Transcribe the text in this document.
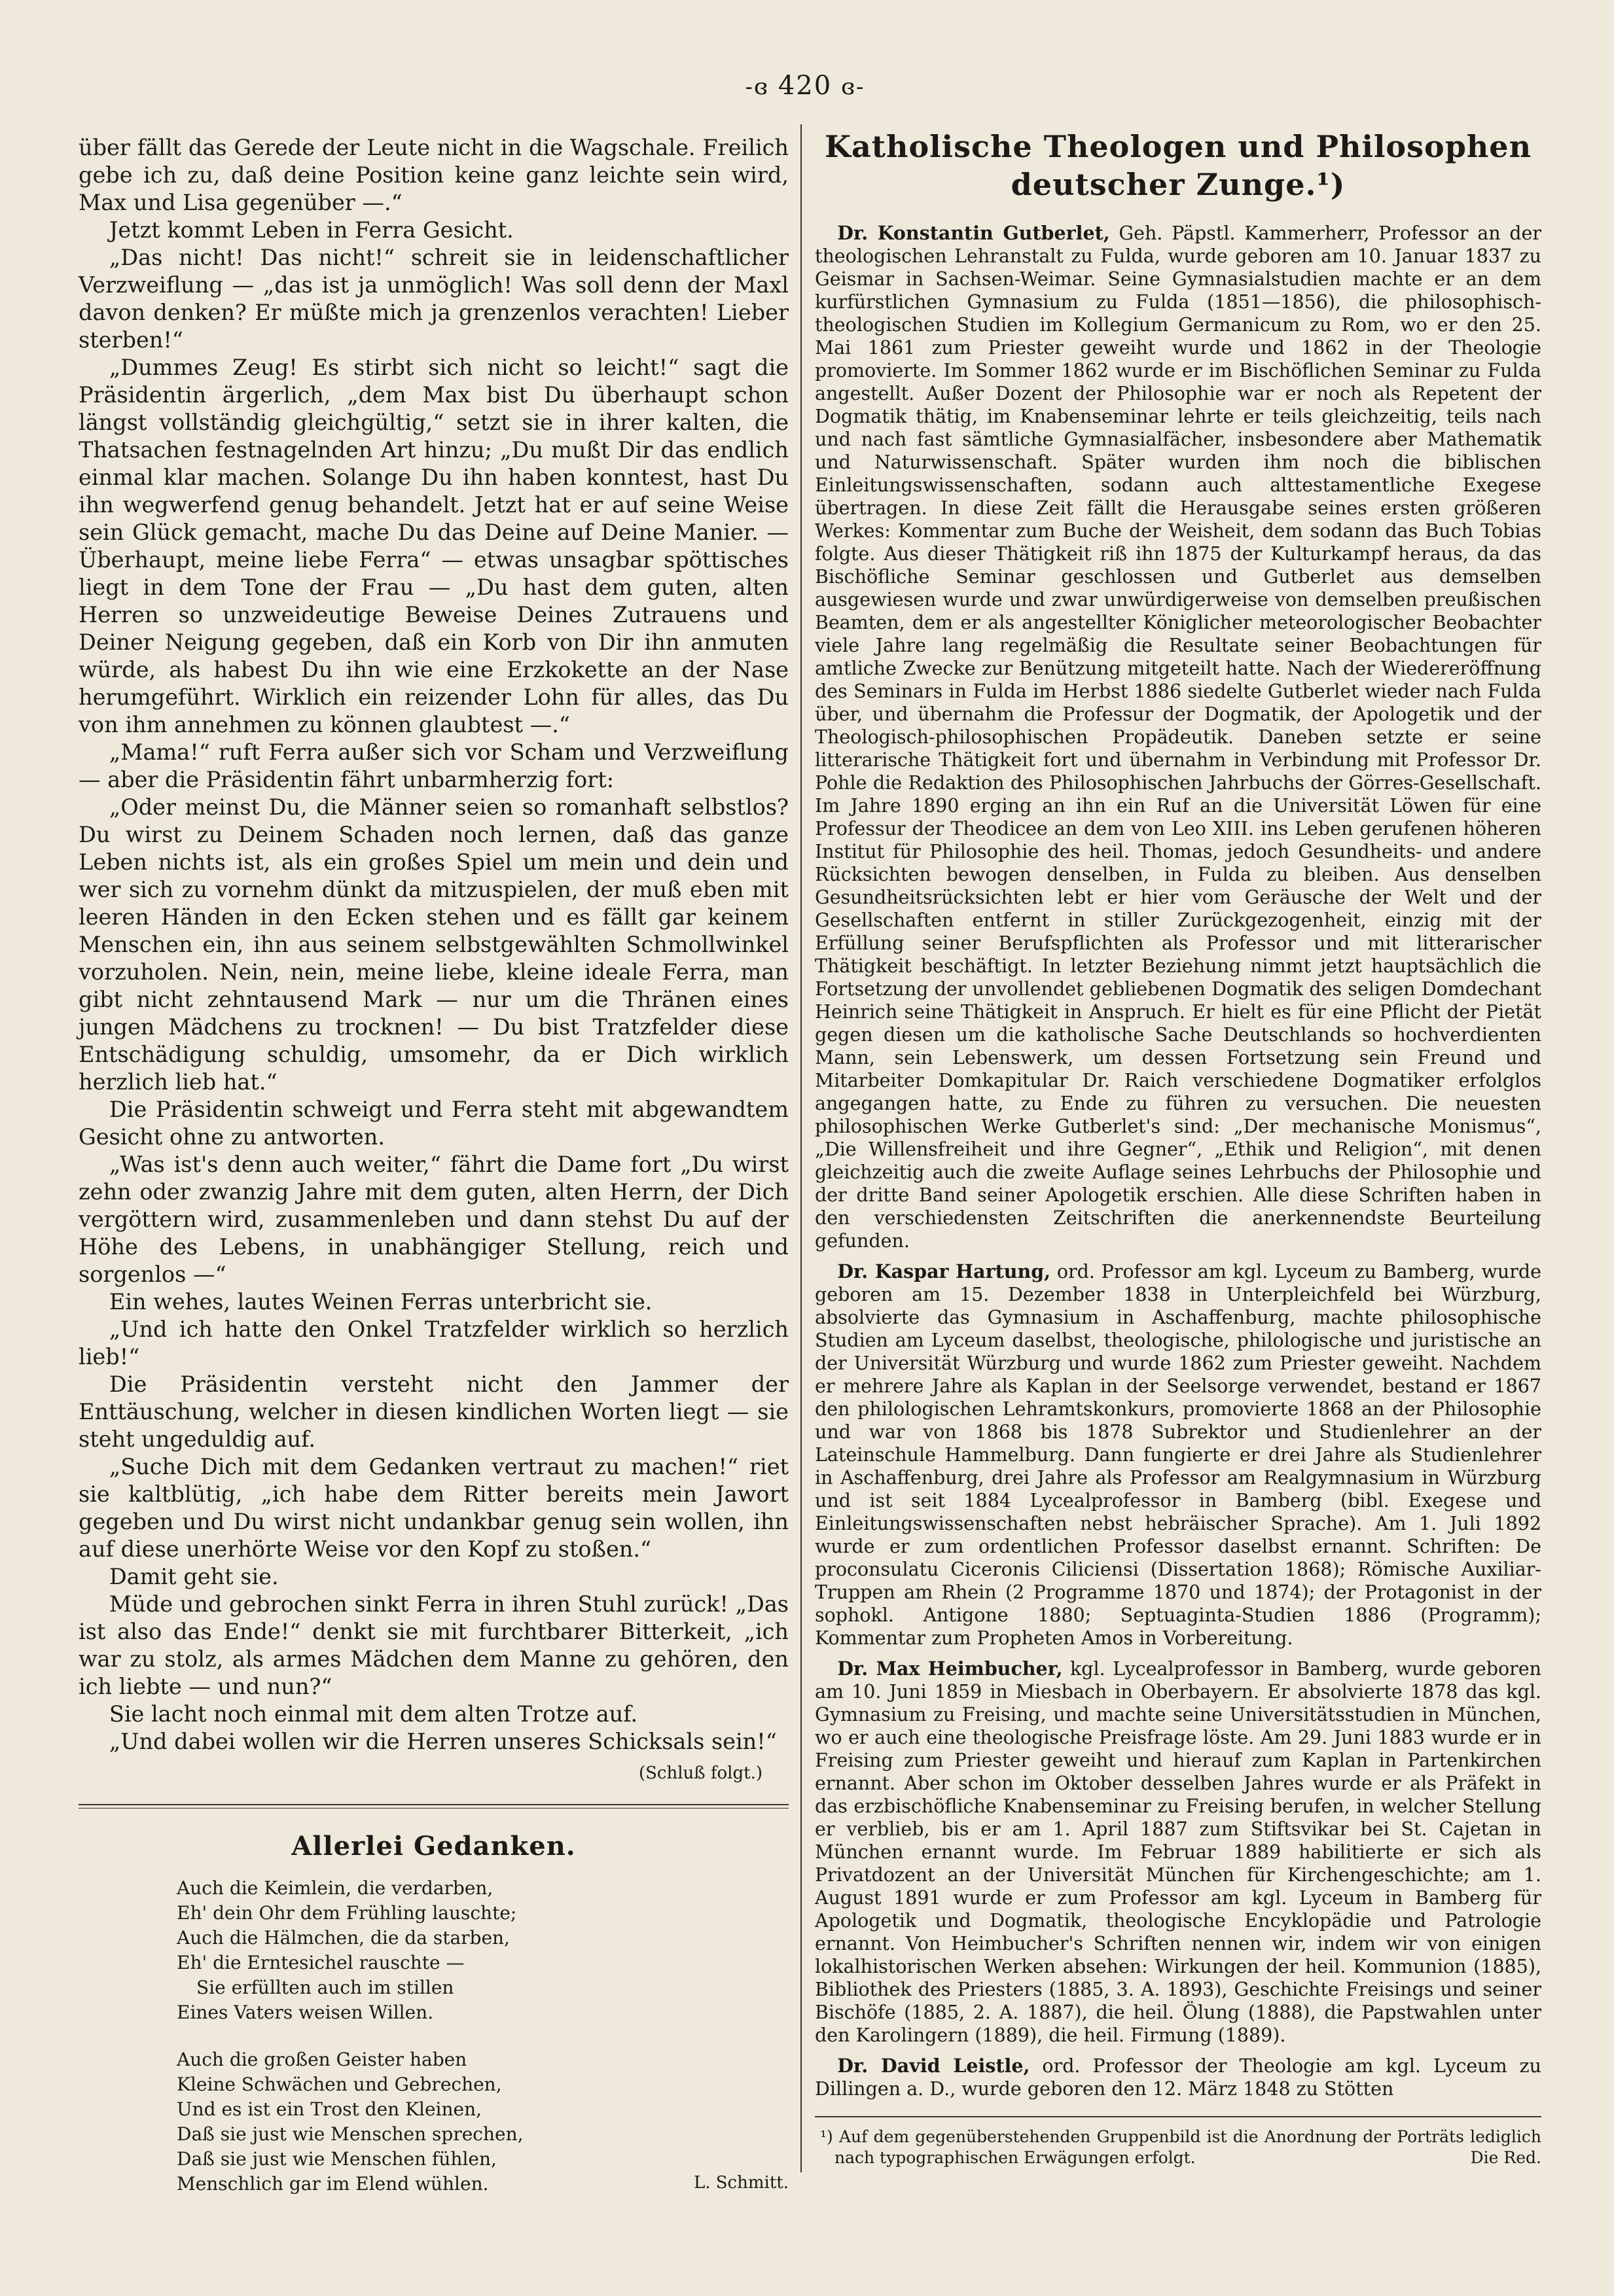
-ɞ 420 ɞ-

über fällt das Gerede der Leute nicht in die Wagschale. Freilich gebe ich zu, daß deine Position keine ganz leichte sein wird, Max und Lisa gegenüber —.“

Jetzt kommt Leben in Ferra Gesicht.

„Das nicht! Das nicht!“ schreit sie in leidenschaftlicher Verzweiflung — „das ist ja unmöglich! Was soll denn der Maxl davon denken? Er müßte mich ja grenzenlos verachten! Lieber sterben!“

„Dummes Zeug! Es stirbt sich nicht so leicht!“ sagt die Präsidentin ärgerlich, „dem Max bist Du überhaupt schon längst vollständig gleichgültig,“ setzt sie in ihrer kalten, die Thatsachen festnagelnden Art hinzu; „Du mußt Dir das endlich einmal klar machen. Solange Du ihn haben konntest, hast Du ihn wegwerfend genug behandelt. Jetzt hat er auf seine Weise sein Glück gemacht, mache Du das Deine auf Deine Manier. — Überhaupt, meine liebe Ferra“ — etwas unsagbar spöttisches liegt in dem Tone der Frau — „Du hast dem guten, alten Herren so unzweideutige Beweise Deines Zutrauens und Deiner Neigung gegeben, daß ein Korb von Dir ihn anmuten würde, als habest Du ihn wie eine Erzkokette an der Nase herumgeführt. Wirklich ein reizender Lohn für alles, das Du von ihm annehmen zu können glaubtest —.“

„Mama!“ ruft Ferra außer sich vor Scham und Verzweiflung — aber die Präsidentin fährt unbarmherzig fort:

„Oder meinst Du, die Männer seien so romanhaft selbstlos? Du wirst zu Deinem Schaden noch lernen, daß das ganze Leben nichts ist, als ein großes Spiel um mein und dein und wer sich zu vornehm dünkt da mitzuspielen, der muß eben mit leeren Händen in den Ecken stehen und es fällt gar keinem Menschen ein, ihn aus seinem selbstgewählten Schmollwinkel vorzuholen. Nein, nein, meine liebe, kleine ideale Ferra, man gibt nicht zehntausend Mark — nur um die Thränen eines jungen Mädchens zu trocknen! — Du bist Tratzfelder diese Entschädigung schuldig, umsomehr, da er Dich wirklich herzlich lieb hat.“

Die Präsidentin schweigt und Ferra steht mit abgewandtem Gesicht ohne zu antworten.

„Was ist's denn auch weiter,“ fährt die Dame fort „Du wirst zehn oder zwanzig Jahre mit dem guten, alten Herrn, der Dich vergöttern wird, zusammenleben und dann stehst Du auf der Höhe des Lebens, in unabhängiger Stellung, reich und sorgenlos —“

Ein wehes, lautes Weinen Ferras unterbricht sie.

„Und ich hatte den Onkel Tratzfelder wirklich so herzlich lieb!“

Die Präsidentin versteht nicht den Jammer der Enttäuschung, welcher in diesen kindlichen Worten liegt — sie steht ungeduldig auf.

„Suche Dich mit dem Gedanken vertraut zu machen!“ riet sie kaltblütig, „ich habe dem Ritter bereits mein Jawort gegeben und Du wirst nicht undankbar genug sein wollen, ihn auf diese unerhörte Weise vor den Kopf zu stoßen.“

Damit geht sie.

Müde und gebrochen sinkt Ferra in ihren Stuhl zurück! „Das ist also das Ende!“ denkt sie mit furchtbarer Bitterkeit, „ich war zu stolz, als armes Mädchen dem Manne zu gehören, den ich liebte — und nun?“

Sie lacht noch einmal mit dem alten Trotze auf.

„Und dabei wollen wir die Herren unseres Schicksals sein!“

(Schluß folgt.)
Allerlei Gedanken.

Auch die Keimlein, die verdarben,

Eh' dein Ohr dem Frühling lauschte;

Auch die Hälmchen, die da starben,

Eh' die Erntesichel rauschte —

Sie erfüllten auch im stillen

Eines Vaters weisen Willen.

Auch die großen Geister haben

Kleine Schwächen und Gebrechen,

Und es ist ein Trost den Kleinen,

Daß sie just wie Menschen sprechen,

Daß sie just wie Menschen fühlen,

Menschlich gar im Elend wühlen.	L. Schmitt.
Katholische Theologen und Philosophen deutscher Zunge.¹)

Dr. Konstantin Gutberlet, Geh. Päpstl. Kammerherr, Professor an der theologischen Lehranstalt zu Fulda, wurde geboren am 10. Januar 1837 zu Geismar in Sachsen-Weimar. Seine Gymnasialstudien machte er an dem kurfürstlichen Gymnasium zu Fulda (1851—1856), die philosophisch-theologischen Studien im Kollegium Germanicum zu Rom, wo er den 25. Mai 1861 zum Priester geweiht wurde und 1862 in der Theologie promovierte. Im Sommer 1862 wurde er im Bischöflichen Seminar zu Fulda angestellt. Außer Dozent der Philosophie war er noch als Repetent der Dogmatik thätig, im Knabenseminar lehrte er teils gleichzeitig, teils nach und nach fast sämtliche Gymnasialfächer, insbesondere aber Mathematik und Naturwissenschaft. Später wurden ihm noch die biblischen Einleitungswissenschaften, sodann auch alttestamentliche Exegese übertragen. In diese Zeit fällt die Herausgabe seines ersten größeren Werkes: Kommentar zum Buche der Weisheit, dem sodann das Buch Tobias folgte. Aus dieser Thätigkeit riß ihn 1875 der Kulturkampf heraus, da das Bischöfliche Seminar geschlossen und Gutberlet aus demselben ausgewiesen wurde und zwar unwürdigerweise von demselben preußischen Beamten, dem er als angestellter Königlicher meteorologischer Beobachter viele Jahre lang regelmäßig die Resultate seiner Beobachtungen für amtliche Zwecke zur Benützung mitgeteilt hatte. Nach der Wiedereröffnung des Seminars in Fulda im Herbst 1886 siedelte Gutberlet wieder nach Fulda über, und übernahm die Professur der Dogmatik, der Apologetik und der Theologisch-philosophischen Propädeutik. Daneben setzte er seine litterarische Thätigkeit fort und übernahm in Verbindung mit Professor Dr. Pohle die Redaktion des Philosophischen Jahrbuchs der Görres-Gesellschaft. Im Jahre 1890 erging an ihn ein Ruf an die Universität Löwen für eine Professur der Theodicee an dem von Leo XIII. ins Leben gerufenen höheren Institut für Philosophie des heil. Thomas, jedoch Gesundheits- und andere Rücksichten bewogen denselben, in Fulda zu bleiben. Aus denselben Gesundheitsrücksichten lebt er hier vom Geräusche der Welt und der Gesellschaften entfernt in stiller Zurückgezogenheit, einzig mit der Erfüllung seiner Berufspflichten als Professor und mit litterarischer Thätigkeit beschäftigt. In letzter Beziehung nimmt jetzt hauptsächlich die Fortsetzung der unvollendet gebliebenen Dogmatik des seligen Domdechant Heinrich seine Thätigkeit in Anspruch. Er hielt es für eine Pflicht der Pietät gegen diesen um die katholische Sache Deutschlands so hochverdienten Mann, sein Lebenswerk, um dessen Fortsetzung sein Freund und Mitarbeiter Domkapitular Dr. Raich verschiedene Dogmatiker erfolglos angegangen hatte, zu Ende zu führen zu versuchen. Die neuesten philosophischen Werke Gutberlet's sind: „Der mechanische Monismus“, „Die Willensfreiheit und ihre Gegner“, „Ethik und Religion“, mit denen gleichzeitig auch die zweite Auflage seines Lehrbuchs der Philosophie und der dritte Band seiner Apologetik erschien. Alle diese Schriften haben in den verschiedensten Zeitschriften die anerkennendste Beurteilung gefunden.

Dr. Kaspar Hartung, ord. Professor am kgl. Lyceum zu Bamberg, wurde geboren am 15. Dezember 1838 in Unterpleichfeld bei Würzburg, absolvierte das Gymnasium in Aschaffenburg, machte philosophische Studien am Lyceum daselbst, theologische, philologische und juristische an der Universität Würzburg und wurde 1862 zum Priester geweiht. Nachdem er mehrere Jahre als Kaplan in der Seelsorge verwendet, bestand er 1867 den philologischen Lehramtskonkurs, promovierte 1868 an der Philosophie und war von 1868 bis 1878 Subrektor und Studienlehrer an der Lateinschule Hammelburg. Dann fungierte er drei Jahre als Studienlehrer in Aschaffenburg, drei Jahre als Professor am Realgymnasium in Würzburg und ist seit 1884 Lycealprofessor in Bamberg (bibl. Exegese und Einleitungswissenschaften nebst hebräischer Sprache). Am 1. Juli 1892 wurde er zum ordentlichen Professor daselbst ernannt. Schriften: De proconsulatu Ciceronis Ciliciensi (Dissertation 1868); Römische Auxiliar-Truppen am Rhein (2 Programme 1870 und 1874); der Protagonist in der sophokl. Antigone 1880; Septuaginta-Studien 1886 (Programm); Kommentar zum Propheten Amos in Vorbereitung.

Dr. Max Heimbucher, kgl. Lycealprofessor in Bamberg, wurde geboren am 10. Juni 1859 in Miesbach in Oberbayern. Er absolvierte 1878 das kgl. Gymnasium zu Freising, und machte seine Universitätsstudien in München, wo er auch eine theologische Preisfrage löste. Am 29. Juni 1883 wurde er in Freising zum Priester geweiht und hierauf zum Kaplan in Partenkirchen ernannt. Aber schon im Oktober desselben Jahres wurde er als Präfekt in das erzbischöfliche Knabenseminar zu Freising berufen, in welcher Stellung er verblieb, bis er am 1. April 1887 zum Stiftsvikar bei St. Cajetan in München ernannt wurde. Im Februar 1889 habilitierte er sich als Privatdozent an der Universität München für Kirchengeschichte; am 1. August 1891 wurde er zum Professor am kgl. Lyceum in Bamberg für Apologetik und Dogmatik, theologische Encyklopädie und Patrologie ernannt. Von Heimbucher's Schriften nennen wir, indem wir von einigen lokalhistorischen Werken absehen: Wirkungen der heil. Kommunion (1885), Bibliothek des Priesters (1885, 3. A. 1893), Geschichte Freisings und seiner Bischöfe (1885, 2. A. 1887), die heil. Ölung (1888), die Papstwahlen unter den Karolingern (1889), die heil. Firmung (1889).

Dr. David Leistle, ord. Professor der Theologie am kgl. Lyceum zu Dillingen a. D., wurde geboren den 12. März 1848 zu Stötten

¹) Auf dem gegenüberstehenden Gruppenbild ist die Anordnung der Porträts lediglich nach typographischen Erwägungen erfolgt.	Die Red.
